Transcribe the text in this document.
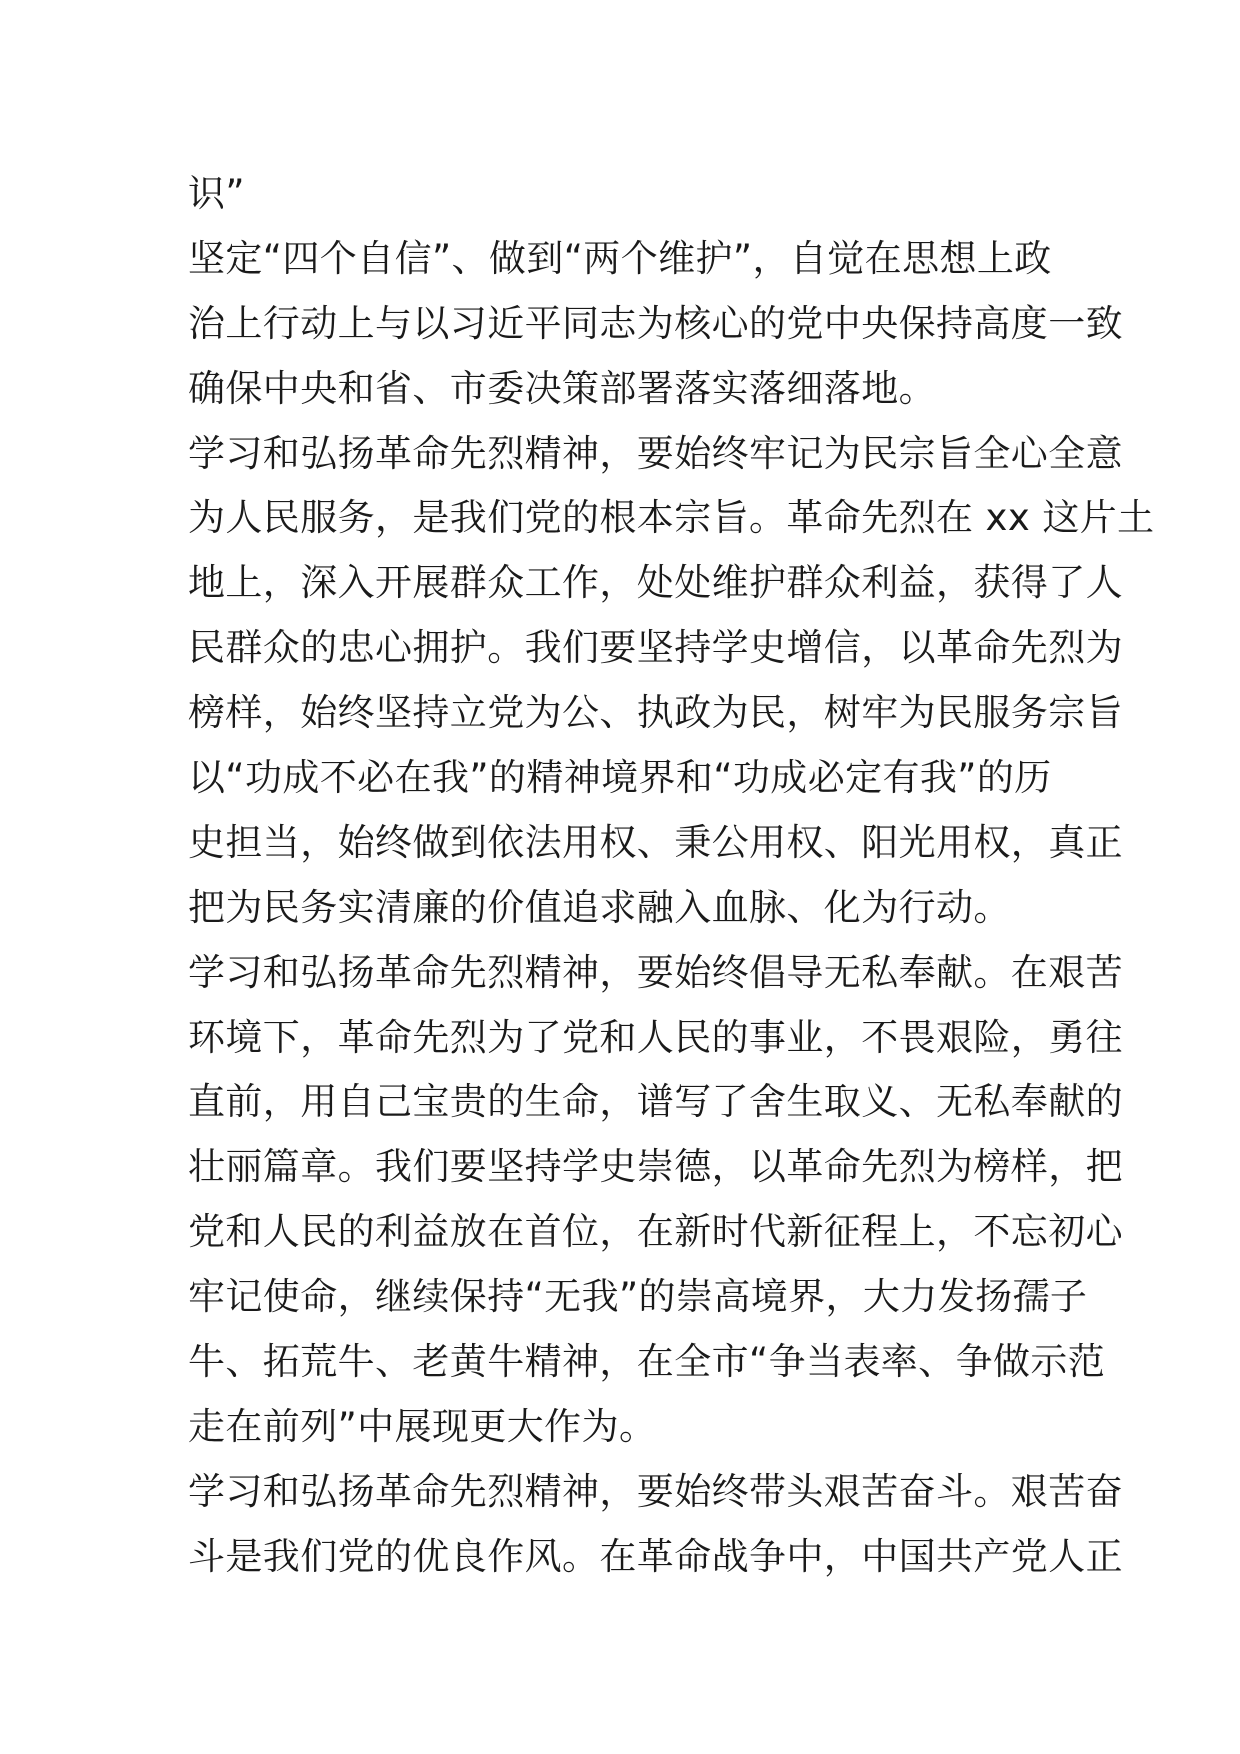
识”
坚定“四个自信”、做到“两个维护”，自觉在思想上政
治上行动上与以习近平同志为核心的党中央保持高度一致
确保中央和省、市委决策部署落实落细落地。
学习和弘扬革命先烈精神，要始终牢记为民宗旨全心全意
为人民服务，是我们党的根本宗旨。革命先烈在 xx 这片土
地上，深入开展群众工作，处处维护群众利益，获得了人
民群众的忠心拥护。我们要坚持学史增信，以革命先烈为
榜样，始终坚持立党为公、执政为民，树牢为民服务宗旨
以“功成不必在我”的精神境界和“功成必定有我”的历
史担当，始终做到依法用权、秉公用权、阳光用权，真正
把为民务实清廉的价值追求融入血脉、化为行动。
学习和弘扬革命先烈精神，要始终倡导无私奉献。在艰苦
环境下，革命先烈为了党和人民的事业，不畏艰险，勇往
直前，用自己宝贵的生命，谱写了舍生取义、无私奉献的
壮丽篇章。我们要坚持学史崇德，以革命先烈为榜样，把
党和人民的利益放在首位，在新时代新征程上，不忘初心
牢记使命，继续保持“无我”的崇高境界，大力发扬孺子
牛、拓荒牛、老黄牛精神，在全市“争当表率、争做示范
走在前列”中展现更大作为。
学习和弘扬革命先烈精神，要始终带头艰苦奋斗。艰苦奋
斗是我们党的优良作风。在革命战争中，中国共产党人正
